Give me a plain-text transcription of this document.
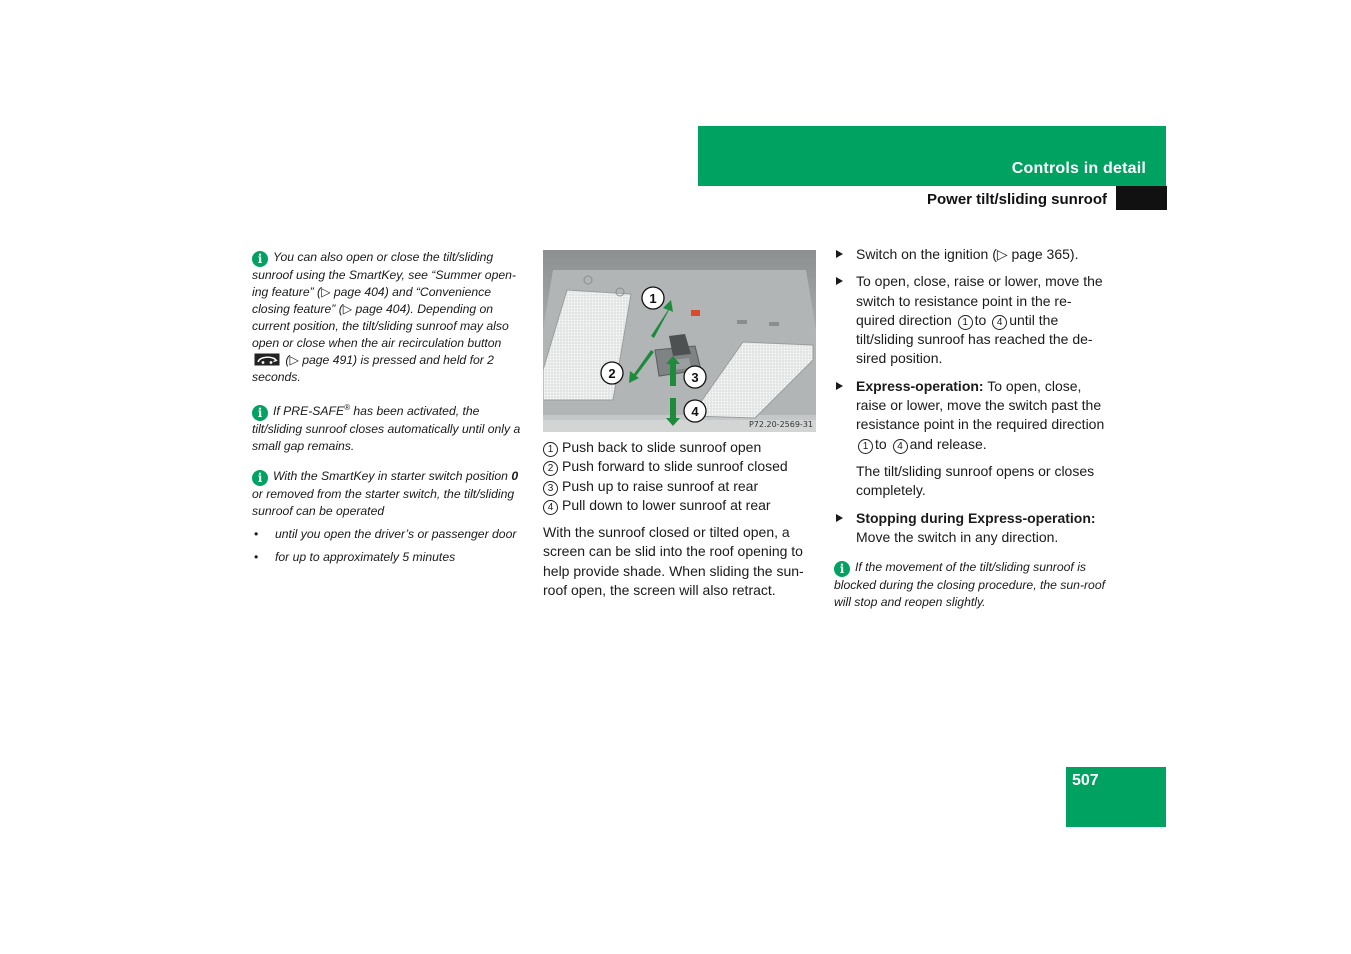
Controls in detail
Power tilt/sliding sunroof

i You can also open or close the tilt/sliding sunroof using the SmartKey, see “Summer open-ing feature” (▷ page 404) and “Convenience closing feature” (▷ page 404). Depending on current position, the tilt/sliding sunroof may also open or close when the air recirculation button  (▷ page 491) is pressed and held for 2 seconds.

i If PRE-SAFE® has been activated, the tilt/sliding sunroof closes automatically until only a small gap remains.

i With the SmartKey in starter switch position 0 or removed from the starter switch, the tilt/sliding sunroof can be operated

• until you open the driver’s or passenger door
• for up to approximately 5 minutes
1
2	3
4
P72.20-2569-31
1 Push back to slide sunroof open
2 Push forward to slide sunroof closed
3 Push up to raise sunroof at rear
4 Pull down to lower sunroof at rear

With the sunroof closed or tilted open, a screen can be slid into the roof opening to help provide shade. When sliding the sun-roof open, the screen will also retract.

Switch on the ignition (▷ page 365).

To open, close, raise or lower, move the switch to resistance point in the re-quired direction 1 to 4 until the tilt/sliding sunroof has reached the de-sired position.

Express-operation: To open, close, raise or lower, move the switch past the resistance point in the required direction 1 to 4 and release.

The tilt/sliding sunroof opens or closes completely.

Stopping during Express-operation: Move the switch in any direction.

i If the movement of the tilt/sliding sunroof is blocked during the closing procedure, the sun-roof will stop and reopen slightly.

507
